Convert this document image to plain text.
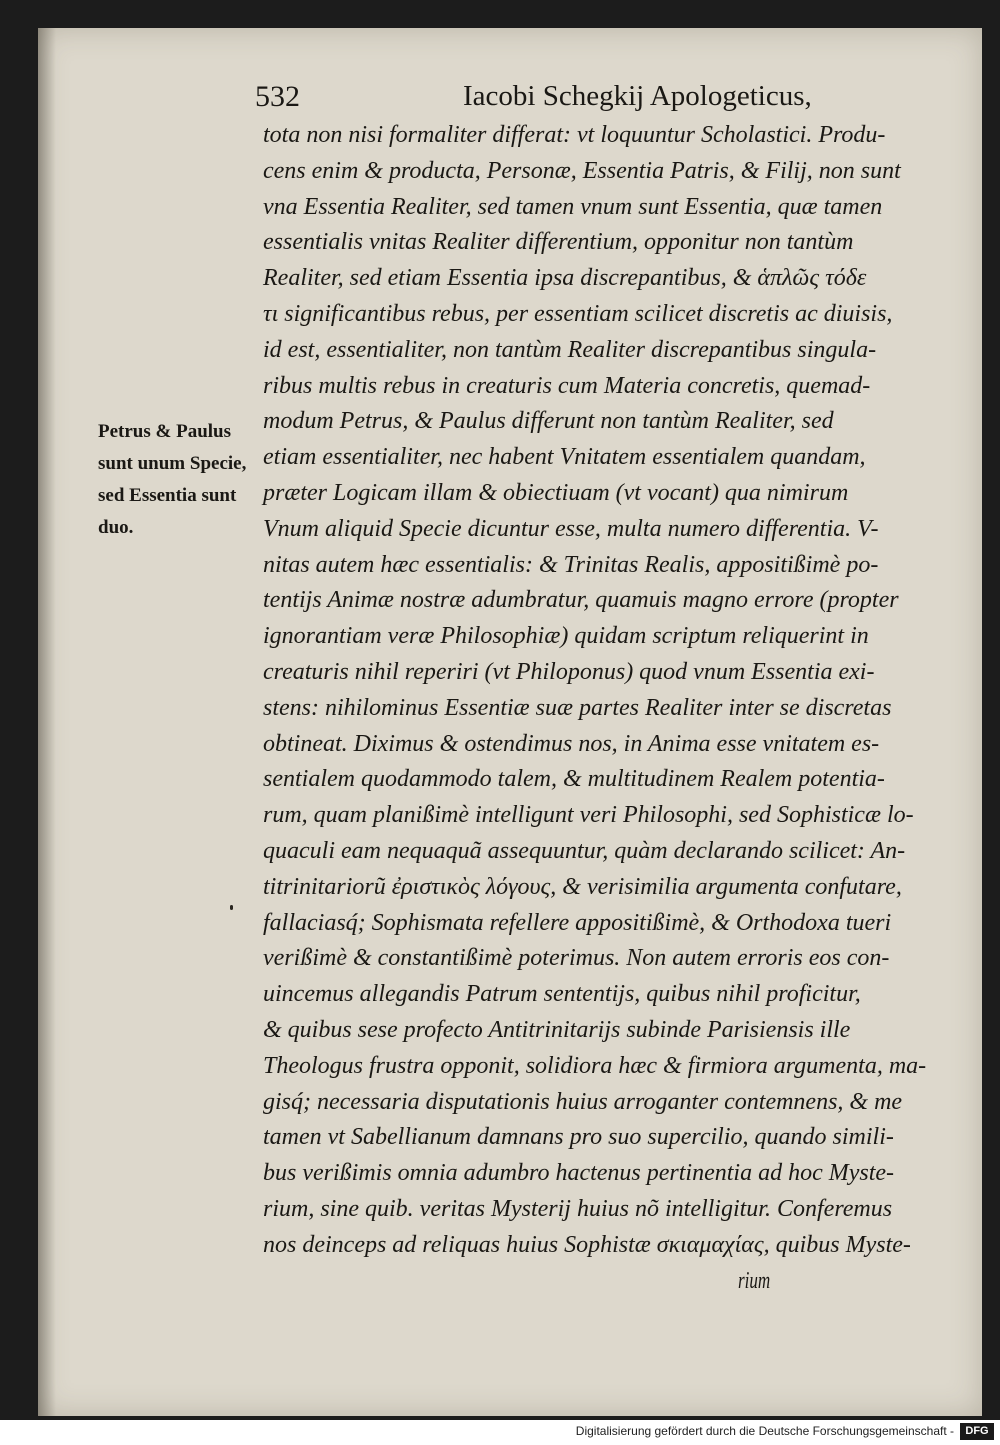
532	Iacobi Schegkij Apologeticus,
Petrus & Paulus
sunt unum Specie,
sed Essentia sunt
duo.
tota non nisi formaliter differat: vt loquuntur Scholastici. Produ-
cens enim & producta, Personæ, Essentia Patris, & Filij, non sunt
vna Essentia Realiter, sed tamen vnum sunt Essentia, quæ tamen
essentialis vnitas Realiter differentium, opponitur non tantùm
Realiter, sed etiam Essentia ipsa discrepantibus, & ἁπλῶς τόδε
τι significantibus rebus, per essentiam scilicet discretis ac diuisis,
id est, essentialiter, non tantùm Realiter discrepantibus singula-
ribus multis rebus in creaturis cum Materia concretis, quemad-
modum Petrus, & Paulus differunt non tantùm Realiter, sed
etiam essentialiter, nec habent Vnitatem essentialem quandam,
præter Logicam illam & obiectiuam (vt vocant) qua nimirum
Vnum aliquid Specie dicuntur esse, multa numero differentia. V-
nitas autem hæc essentialis: & Trinitas Realis, appositißimè po-
tentijs Animæ nostræ adumbratur, quamuis magno errore (propter
ignorantiam veræ Philosophiæ) quidam scriptum reliquerint in
creaturis nihil reperiri (vt Philoponus) quod vnum Essentia exi-
stens: nihilominus Essentiæ suæ partes Realiter inter se discretas
obtineat. Diximus & ostendimus nos, in Anima esse vnitatem es-
sentialem quodammodo talem, & multitudinem Realem potentia-
rum, quam planißimè intelligunt veri Philosophi, sed Sophisticæ lo-
quaculi eam nequaquã assequuntur, quàm declarando scilicet: An-
titrinitariorũ ἐριστικὸς λόγους, & verisimilia argumenta confutare,
fallaciasq́; Sophismata refellere appositißimè, & Orthodoxa tueri
verißimè & constantißimè poterimus. Non autem erroris eos con-
uincemus allegandis Patrum sententijs, quibus nihil proficitur,
& quibus sese profecto Antitrinitarijs subinde Parisiensis ille
Theologus frustra opponit, solidiora hæc & firmiora argumenta, ma-
gisq́; necessaria disputationis huius arroganter contemnens, & me
tamen vt Sabellianum damnans pro suo supercilio, quando simili-
bus verißimis omnia adumbro hactenus pertinentia ad hoc Myste-
rium, sine quib. veritas Mysterij huius nõ intelligitur. Conferemus
nos deinceps ad reliquas huius Sophistæ σκιαμαχίας, quibus Myste-
rium
Digitalisierung gefördert durch die Deutsche Forschungsgemeinschaft -	DFG
